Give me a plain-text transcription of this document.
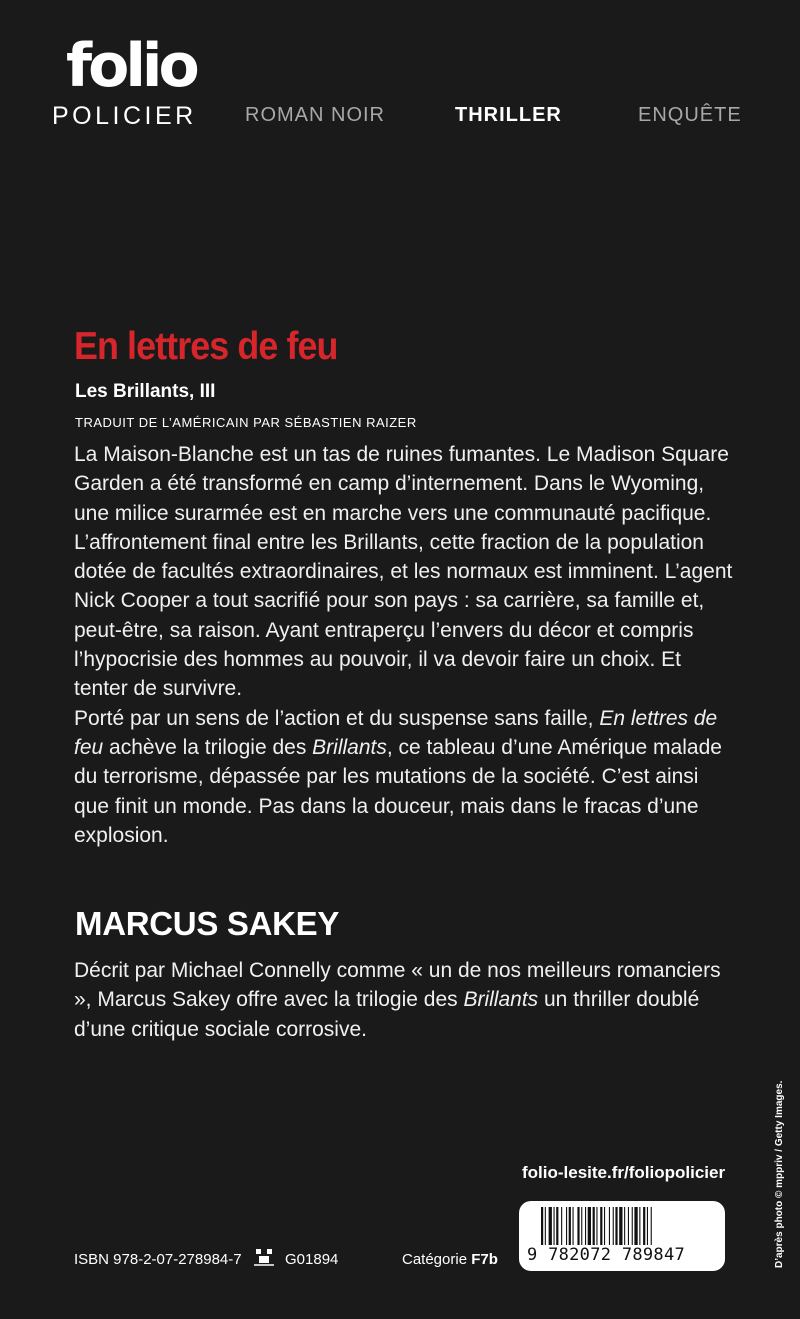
folio
POLICIER ROMAN NOIR	THRILLER	ENQUÊTE
En lettres de feu
Les Brillants, III
TRADUIT DE L’AMÉRICAIN PAR SÉBASTIEN RAIZER

La Maison-Blanche est un tas de ruines fumantes. Le Madison Square Garden a été transformé en camp d’internement. Dans le Wyoming, une milice surarmée est en marche vers une communauté pacifique. L’affrontement final entre les Brillants, cette fraction de la population dotée de facultés extraordinaires, et les normaux est imminent. L’agent Nick Cooper a tout sacrifié pour son pays : sa carrière, sa famille et, peut-être, sa raison. Ayant entraperçu l’envers du décor et compris l’hypocrisie des hommes au pouvoir, il va devoir faire un choix. Et tenter de survivre.

Porté par un sens de l’action et du suspense sans faille, En lettres de feu achève la trilogie des Brillants, ce tableau d’une Amérique malade du terrorisme, dépassée par les mutations de la société. C’est ainsi que finit un monde. Pas dans la douceur, mais dans le fracas d’une explosion.

MARCUS SAKEY
Décrit par Michael Connelly comme « un de nos meilleurs romanciers », Marcus Sakey offre avec la trilogie des Brillants un thriller doublé d’une critique sociale corrosive.
folio-lesite.fr/foliopolicier	D’après photo © mppriv / Getty Images.
ISBN 978-2-07-278984-7	G01894	Catégorie F7b 9 782072 789847
